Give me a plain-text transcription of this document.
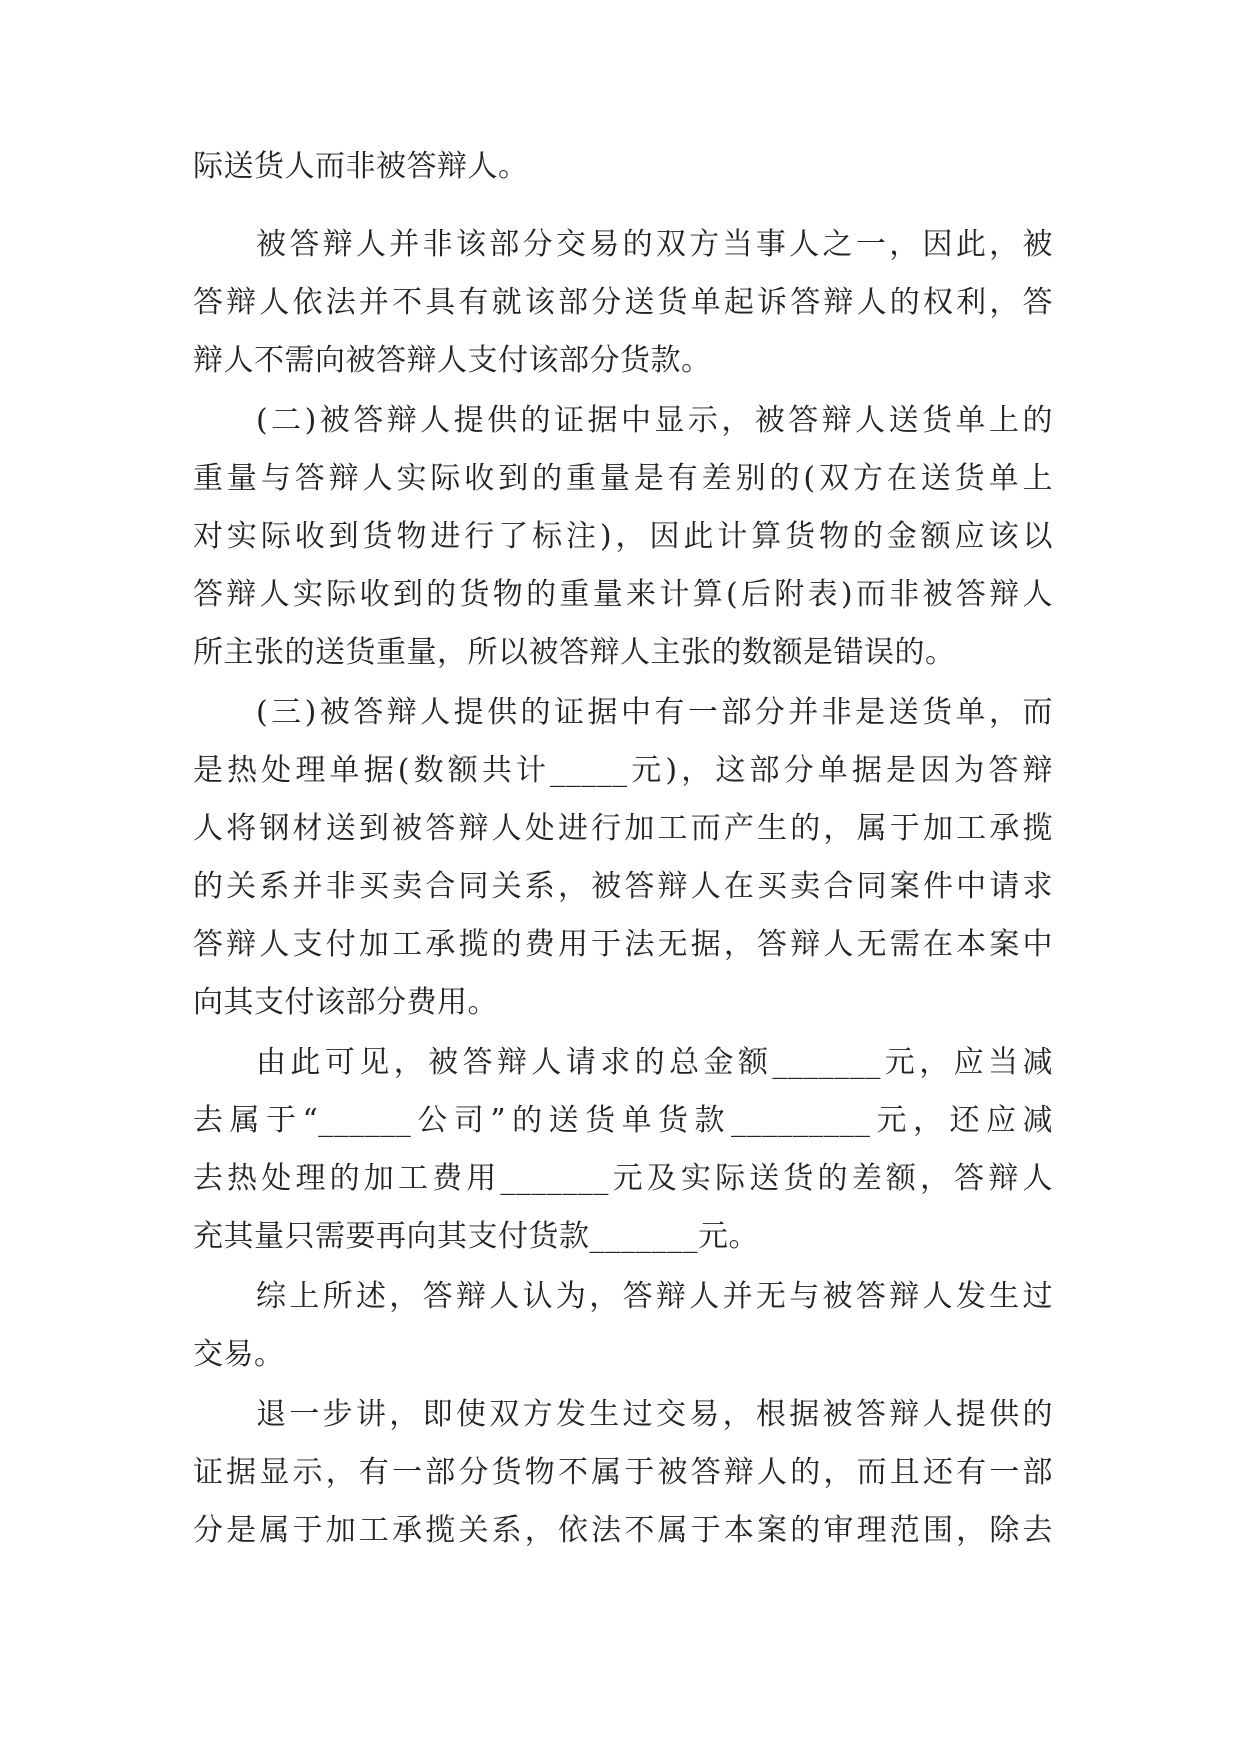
际送货人而非被答辩人。
被答辩人并非该部分交易的双方当事人之一，因此，被
答辩人依法并不具有就该部分送货单起诉答辩人的权利，答
辩人不需向被答辩人支付该部分货款。
(二)被答辩人提供的证据中显示，被答辩人送货单上的
重量与答辩人实际收到的重量是有差别的(双方在送货单上
对实际收到货物进行了标注)，因此计算货物的金额应该以
答辩人实际收到的货物的重量来计算(后附表)而非被答辩人
所主张的送货重量，所以被答辩人主张的数额是错误的。
(三)被答辩人提供的证据中有一部分并非是送货单，而
是热处理单据(数额共计_____元)，这部分单据是因为答辩
人将钢材送到被答辩人处进行加工而产生的，属于加工承揽
的关系并非买卖合同关系，被答辩人在买卖合同案件中请求
答辩人支付加工承揽的费用于法无据，答辩人无需在本案中
向其支付该部分费用。
由此可见，被答辩人请求的总金额_______元，应当减
去属于“______公司”的送货单货款_________元，还应减
去热处理的加工费用_______元及实际送货的差额，答辩人
充其量只需要再向其支付货款_______元。
综上所述，答辩人认为，答辩人并无与被答辩人发生过
交易。
退一步讲，即使双方发生过交易，根据被答辩人提供的
证据显示，有一部分货物不属于被答辩人的，而且还有一部
分是属于加工承揽关系，依法不属于本案的审理范围，除去
